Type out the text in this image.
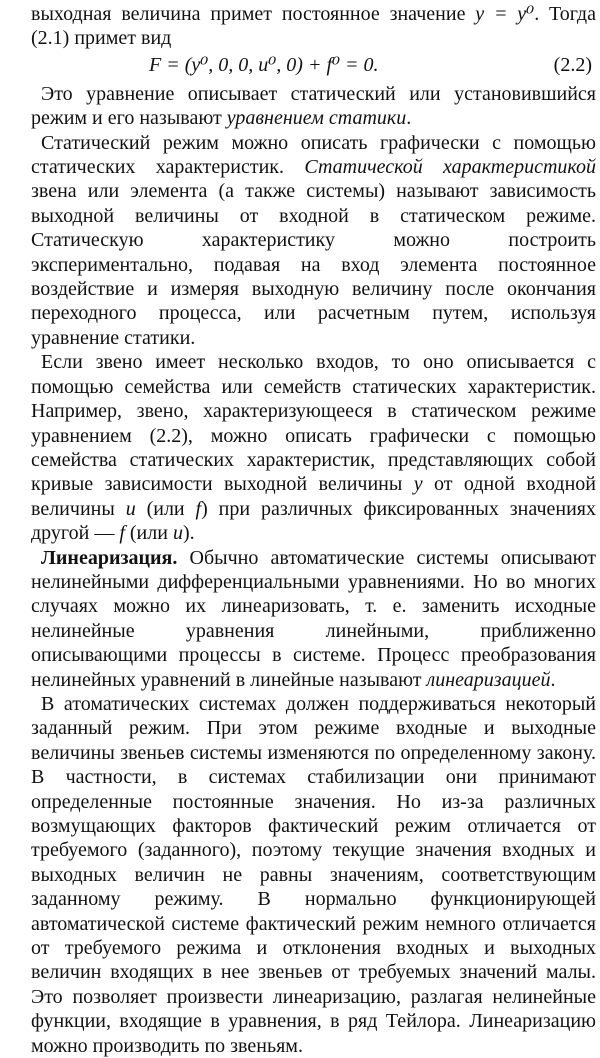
выходная величина примет постоянное значение y = y⁰. Тогда (2.1) примет вид

F = (y⁰, 0, 0, u⁰, 0) + f⁰ = 0.	(2.2)

Это уравнение описывает статический или установившийся режим и его называют уравнением статики.

Статический режим можно описать графически с помощью статических характеристик. Статической характеристикой звена или элемента (а также системы) называют зависимость выходной величины от входной в статическом режиме. Статическую характеристику можно построить экспериментально, подавая на вход элемента постоянное воздействие и измеряя выходную величину после окончания переходного процесса, или расчетным путем, используя уравнение статики.

Если звено имеет несколько входов, то оно описывается с помощью семейства или семейств статических характеристик. Например, звено, характеризующееся в статическом режиме уравнением (2.2), можно описать графически с помощью семейства статических характеристик, представляющих собой кривые зависимости выходной величины y от одной входной величины u (или f) при различных фиксированных значениях другой — f (или u).

Линеаризация. Обычно автоматические системы описывают нелинейными дифференциальными уравнениями. Но во многих случаях можно их линеаризовать, т. е. заменить исходные нелинейные уравнения линейными, приближенно описывающими процессы в системе. Процесс преобразования нелинейных уравнений в линейные называют линеаризацией.

В атоматических системах должен поддерживаться некоторый заданный режим. При этом режиме входные и выходные величины звеньев системы изменяются по определенному закону. В частности, в системах стабилизации они принимают определенные постоянные значения. Но из-за различных возмущающих факторов фактический режим отличается от требуемого (заданного), поэтому текущие значения входных и выходных величин не равны значениям, соответствующим заданному режиму. В нормально функционирующей автоматической системе фактический режим немного отличается от требуемого режима и отклонения входных и выходных величин входящих в нее звеньев от требуемых значений малы. Это позволяет произвести линеаризацию, разлагая нелинейные функции, входящие в уравнения, в ряд Тейлора. Линеаризацию можно производить по звеньям.
